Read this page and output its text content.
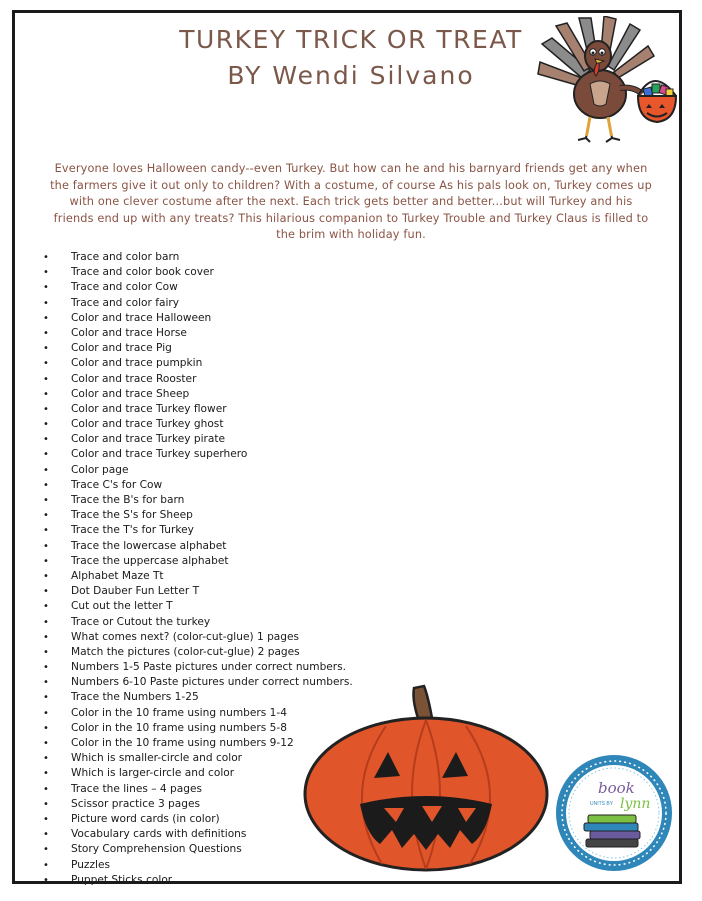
TURKEY TRICK OR TREAT
BY Wendi Silvano

Everyone loves Halloween candy--even Turkey. But how can he and his barnyard friends get any when the farmers give it out only to children? With a costume, of course As his pals look on, Turkey comes up with one clever costume after the next. Each trick gets better and better...but will Turkey and his friends end up with any treats? This hilarious companion to Turkey Trouble and Turkey Claus is filled to the brim with holiday fun.

• Trace and color barn
• Trace and color book cover
• Trace and color Cow
• Trace and color fairy
• Color and trace Halloween
• Color and trace Horse
• Color and trace Pig
• Color and trace pumpkin
• Color and trace Rooster
• Color and trace Sheep
• Color and trace Turkey flower
• Color and trace Turkey ghost
• Color and trace Turkey pirate
• Color and trace Turkey superhero
• Color page
• Trace C's for Cow
• Trace the B's for barn
• Trace the S's for Sheep
• Trace the T's for Turkey
• Trace the lowercase alphabet
• Trace the uppercase alphabet
• Alphabet Maze Tt
• Dot Dauber Fun Letter T
• Cut out the letter T
• Trace or Cutout the turkey
• What comes next? (color-cut-glue) 1 pages
• Match the pictures (color-cut-glue) 2 pages
• Numbers 1-5 Paste pictures under correct numbers.
• Numbers 6-10 Paste pictures under correct numbers.
• Trace the Numbers 1-25
• Color in the 10 frame using numbers 1-4
• Color in the 10 frame using numbers 5-8
• Color in the 10 frame using numbers 9-12
• Which is smaller-circle and color
• Which is larger-circle and color
• Trace the lines – 4 pages
• Scissor practice 3 pages
• Picture word cards (in color)
• Vocabulary cards with definitions
• Story Comprehension Questions
• Puzzles
• Puppet Sticks color
book
UNITS BY lynn
